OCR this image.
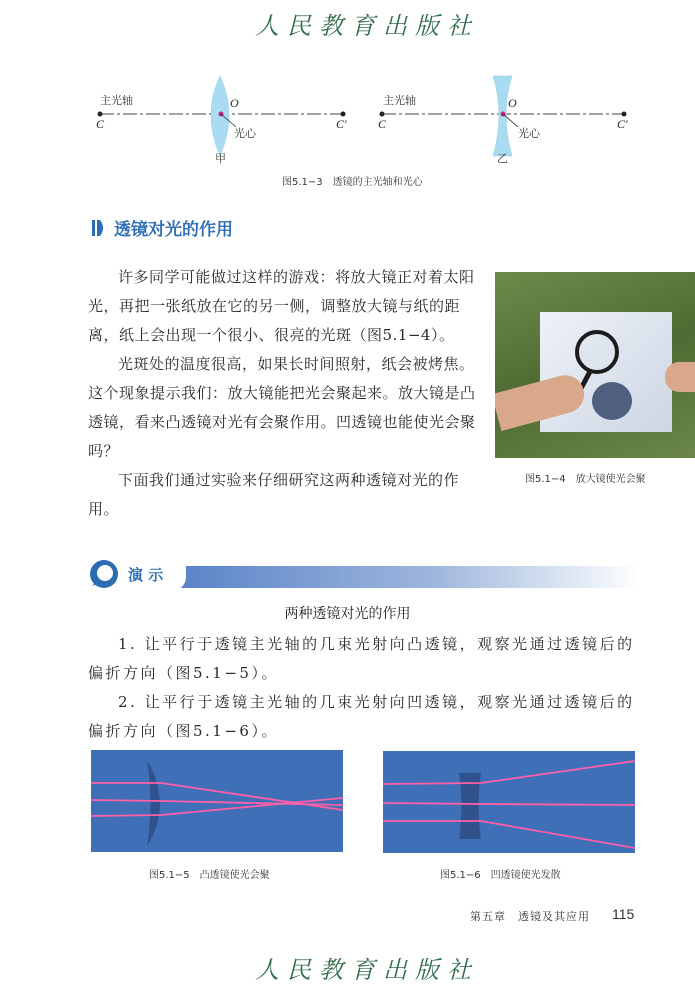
人民教育出版社
主光轴
C	C′
O
光心
甲
主光轴
C	C′
O
光心
乙
图5.1−3　透镜的主光轴和光心
透镜对光的作用

许多同学可能做过这样的游戏：将放大镜正对着太阳光，再把一张纸放在它的另一侧，调整放大镜与纸的距离，纸上会出现一个很小、很亮的光斑（图5.1−4）。

光斑处的温度很高，如果长时间照射，纸会被烤焦。这个现象提示我们：放大镜能把光会聚起来。放大镜是凸透镜，看来凸透镜对光有会聚作用。凹透镜也能使光会聚吗？

下面我们通过实验来仔细研究这两种透镜对光的作用。

图5.1−4　放大镜使光会聚
演 示
两种透镜对光的作用

1. 让平行于透镜主光轴的几束光射向凸透镜，观察光通过透镜后的偏折方向（图5.1−5）。

2. 让平行于透镜主光轴的几束光射向凹透镜，观察光通过透镜后的偏折方向（图5.1−6）。

图5.1−5　凸透镜使光会聚	图5.1−6　凹透镜使光发散
第五章　透镜及其应用 115
人民教育出版社
